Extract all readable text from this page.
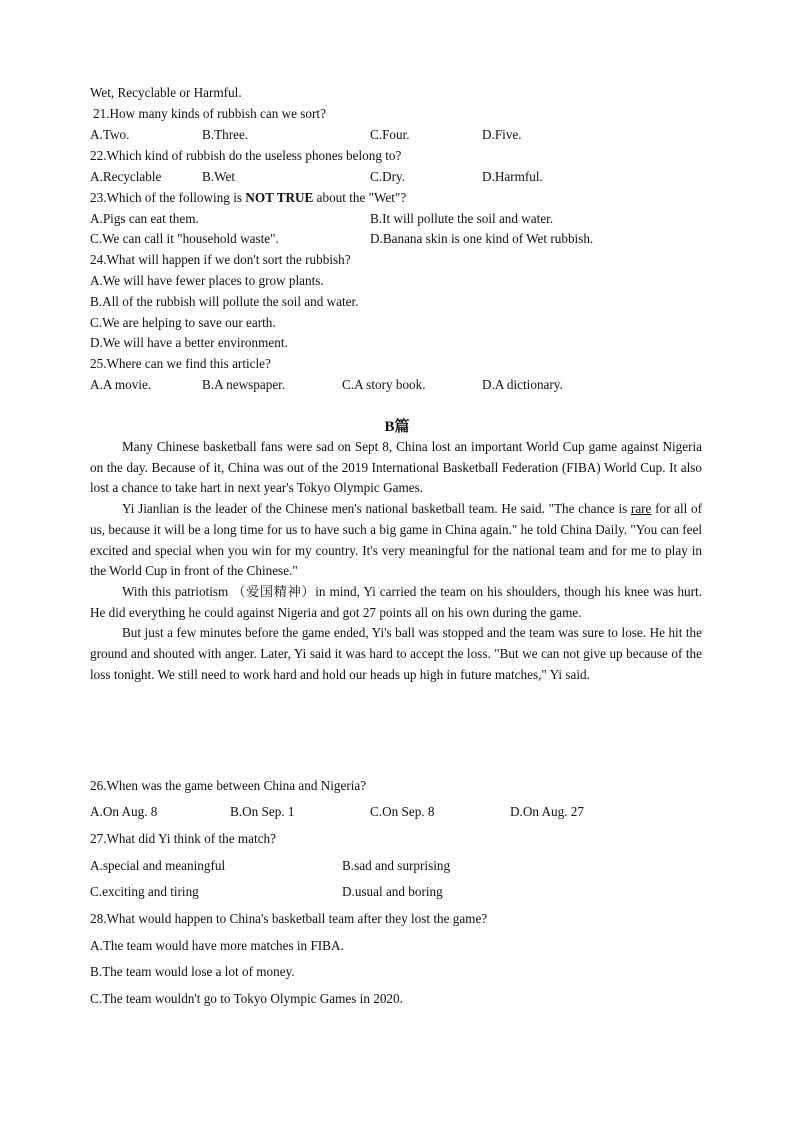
Wet, Recyclable or Harmful.
21.How many kinds of rubbish can we sort?
A.Two.	B.Three.	C.Four.	D.Five.
22.Which kind of rubbish do the useless phones belong to?
A.Recyclable	B.Wet	C.Dry.	D.Harmful.
23.Which of the following is NOT TRUE about the "Wet"?
A.Pigs can eat them.	B.It will pollute the soil and water.
C.We can call it "household waste".	D.Banana skin is one kind of Wet rubbish.
24.What will happen if we don't sort the rubbish?
A.We will have fewer places to grow plants.
B.All of the rubbish will pollute the soil and water.
C.We are helping to save our earth.
D.We will have a better environment.
25.Where can we find this article?
A.A movie.	B.A newspaper.	C.A story book.	D.A dictionary.
B篇

Many Chinese basketball fans were sad on Sept 8, China lost an important World Cup game against Nigeria on the day. Because of it, China was out of the 2019 International Basketball Federation (FIBA) World Cup. It also lost a chance to take hart in next year's Tokyo Olympic Games.

Yi Jianlian is the leader of the Chinese men's national basketball team. He said. "The chance is rare for all of us, because it will be a long time for us to have such a big game in China again." he told China Daily. "You can feel excited and special when you win for my country. It's very meaningful for the national team and for me to play in the World Cup in front of the Chinese."

With this patriotism （爱国精神）in mind, Yi carried the team on his shoulders, though his knee was hurt. He did everything he could against Nigeria and got 27 points all on his own during the game.

But just a few minutes before the game ended, Yi's ball was stopped and the team was sure to lose. He hit the ground and shouted with anger. Later, Yi said it was hard to accept the loss. "But we can not give up because of the loss tonight. We still need to work hard and hold our heads up high in future matches," Yi said.

26.When was the game between China and Nigeria?
A.On Aug. 8	B.On Sep. 1	C.On Sep. 8	D.On Aug. 27
27.What did Yi think of the match?
A.special and meaningful	B.sad and surprising
C.exciting and tiring	D.usual and boring
28.What would happen to China's basketball team after they lost the game?
A.The team would have more matches in FIBA.
B.The team would lose a lot of money.
C.The team wouldn't go to Tokyo Olympic Games in 2020.
